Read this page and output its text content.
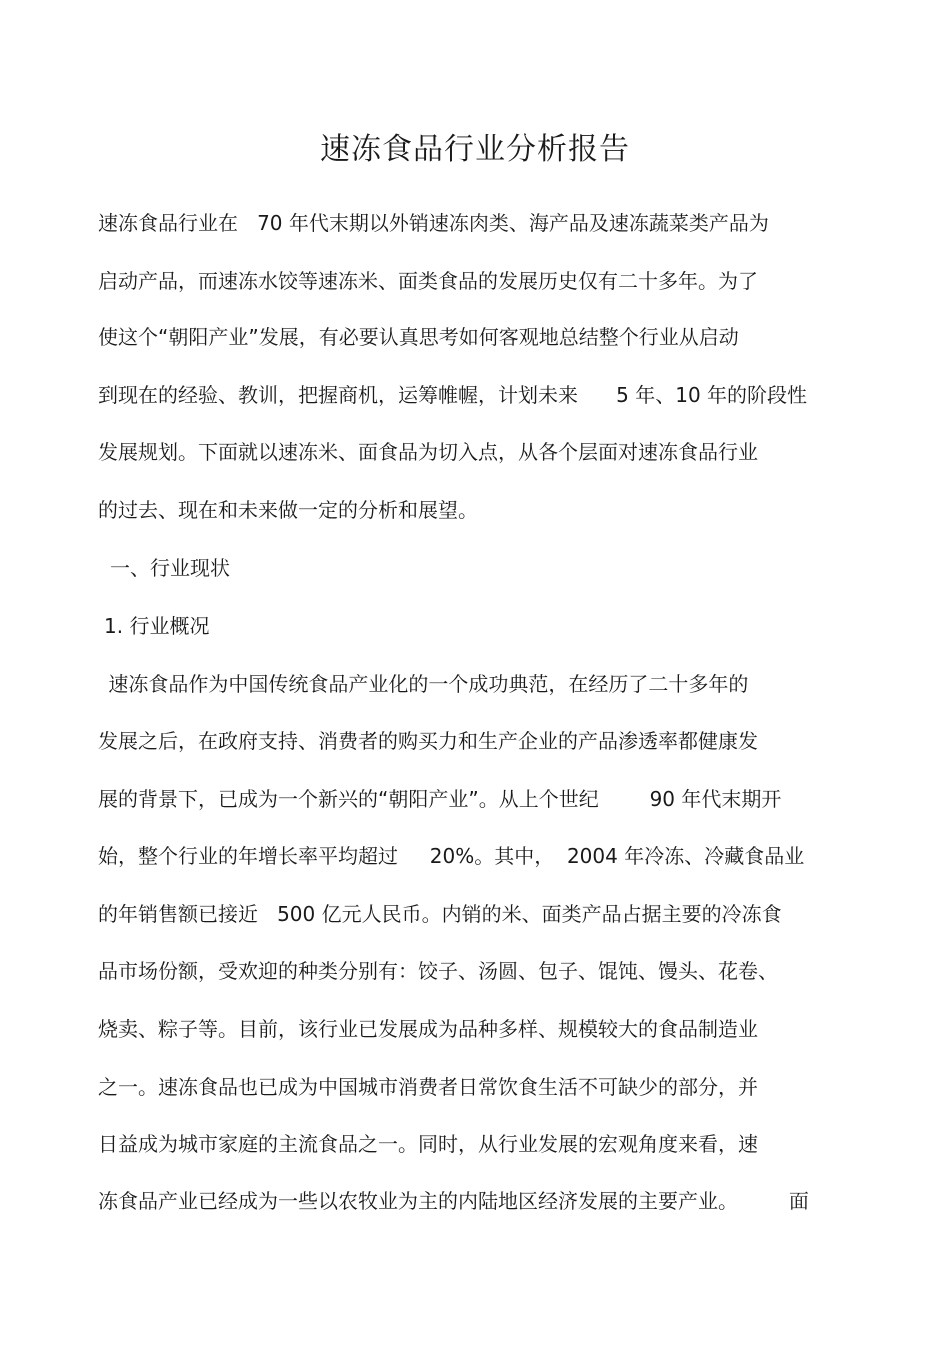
速冻食品行业分析报告
速冻食品行业在   70 年代末期以外销速冻肉类、海产品及速冻蔬菜类产品为
启动产品，而速冻水饺等速冻米、面类食品的发展历史仅有二十多年。为了
使这个“朝阳产业”发展，有必要认真思考如何客观地总结整个行业从启动
到现在的经验、教训，把握商机，运筹帷幄，计划未来      5 年、10 年的阶段性
发展规划。下面就以速冻米、面食品为切入点，从各个层面对速冻食品行业
的过去、现在和未来做一定的分析和展望。
一、行业现状
1. 行业概况
速冻食品作为中国传统食品产业化的一个成功典范，在经历了二十多年的
发展之后，在政府支持、消费者的购买力和生产企业的产品渗透率都健康发
展的背景下，已成为一个新兴的“朝阳产业”。从上个世纪        90 年代末期开
始，整个行业的年增长率平均超过     20%。其中，  2004 年冷冻、冷藏食品业
的年销售额已接近   500 亿元人民币。内销的米、面类产品占据主要的冷冻食
品市场份额，受欢迎的种类分别有：饺子、汤圆、包子、馄饨、馒头、花卷、
烧卖、粽子等。目前，该行业已发展成为品种多样、规模较大的食品制造业
之一。速冻食品也已成为中国城市消费者日常饮食生活不可缺少的部分，并
日益成为城市家庭的主流食品之一。同时，从行业发展的宏观角度来看，速
冻食品产业已经成为一些以农牧业为主的内陆地区经济发展的主要产业。        面
